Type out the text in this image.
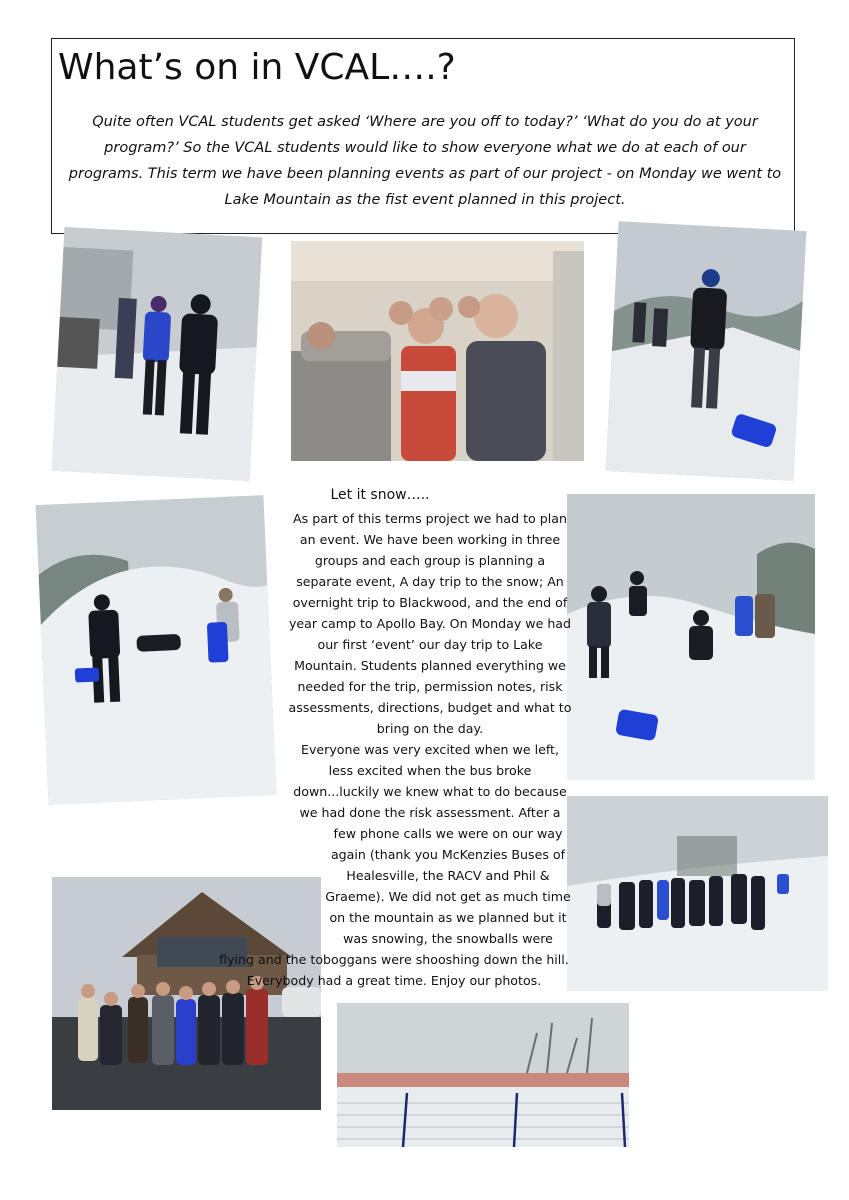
What’s on in VCAL….?

Quite often VCAL students get asked ‘Where are you off to today?’ ‘What do you do at your program?’ So the VCAL students would like to show everyone what we do at each of our programs. This term we have been planning events as part of our project - on Monday we went to Lake Mountain as the fist event planned in this project.

Let it snow…..

As part of this terms project we had to plan an event. We have been working in three groups and each group is planning a separate event, A day trip to the snow; An overnight trip to Blackwood, and the end of year camp to Apollo Bay. On Monday we had our first ‘event’ our day trip to Lake Mountain. Students planned everything we needed for the trip, permission notes, risk assessments, directions, budget and what to bring on the day.

Everyone was very excited when we left, less excited when the bus broke down...luckily we knew what to do because we had done the risk assessment. After a few phone calls we were on our way again (thank you McKenzies Buses of Healesville, the RACV and Phil & Graeme). We did not get as much time on the mountain as we planned but it was snowing, the snowballs were flying and the toboggans were shooshing down the hill. Everybody had a great time. Enjoy our photos.
